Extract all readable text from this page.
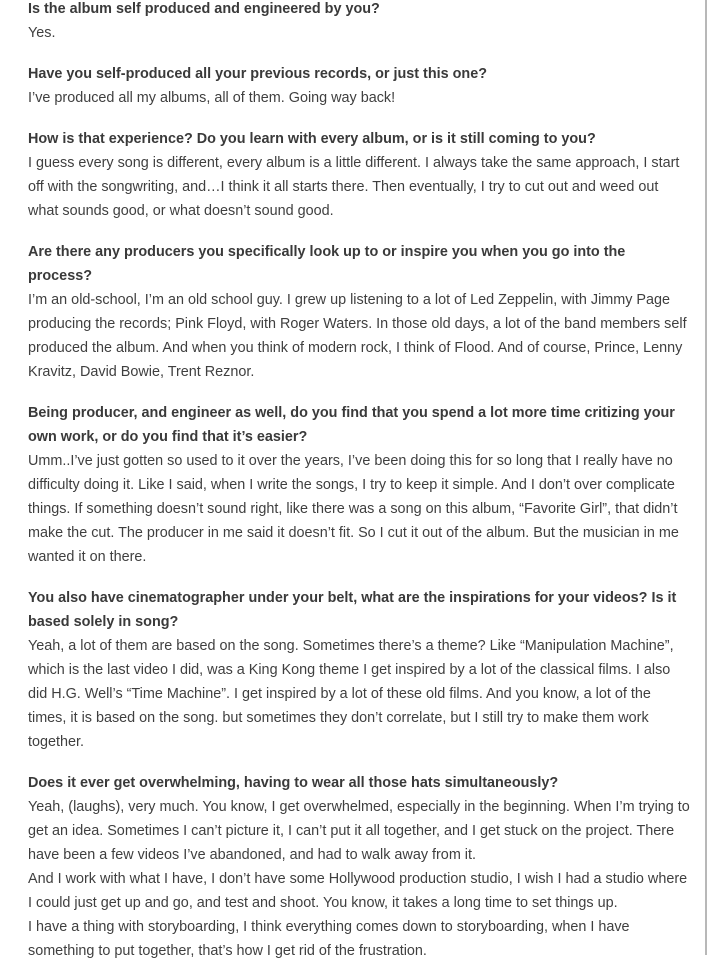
Is the album self produced and engineered by you?

Yes.

Have you self-produced all your previous records, or just this one?

I’ve produced all my albums, all of them. Going way back!

How is that experience? Do you learn with every album, or is it still coming to you?

I guess every song is different, every album is a little different. I always take the same approach, I start off with the songwriting, and…I think it all starts there. Then eventually, I try to cut out and weed out what sounds good, or what doesn’t sound good.

Are there any producers you specifically look up to or inspire you when you go into the process?

I’m an old-school, I’m an old school guy. I grew up listening to a lot of Led Zeppelin, with Jimmy Page producing the records; Pink Floyd, with Roger Waters. In those old days, a lot of the band members self produced the album. And when you think of modern rock, I think of Flood. And of course, Prince, Lenny Kravitz, David Bowie, Trent Reznor.

Being producer, and engineer as well, do you find that you spend a lot more time critizing your own work, or do you find that it’s easier?

Umm..I’ve just gotten so used to it over the years, I’ve been doing this for so long that I really have no difficulty doing it. Like I said, when I write the songs, I try to keep it simple. And I don’t over complicate things. If something doesn’t sound right, like there was a song on this album, “Favorite Girl”, that didn’t make the cut. The producer in me said it doesn’t fit. So I cut it out of the album. But the musician in me wanted it on there.

You also have cinematographer under your belt, what are the inspirations for your videos? Is it based solely in song?

Yeah, a lot of them are based on the song. Sometimes there’s a theme? Like “Manipulation Machine”, which is the last video I did, was a King Kong theme I get inspired by a lot of the classical films. I also did H.G. Well’s “Time Machine”. I get inspired by a lot of these old films. And you know, a lot of the times, it is based on the song. but sometimes they don’t correlate, but I still try to make them work together.

Does it ever get overwhelming, having to wear all those hats simultaneously?

Yeah, (laughs), very much. You know, I get overwhelmed, especially in the beginning. When I’m trying to get an idea. Sometimes I can’t picture it, I can’t put it all together, and I get stuck on the project. There have been a few videos I’ve abandoned, and had to walk away from it.

And I work with what I have, I don’t have some Hollywood production studio, I wish I had a studio where I could just get up and go, and test and shoot. You know, it takes a long time to set things up.

I have a thing with storyboarding, I think everything comes down to storyboarding, when I have something to put together, that’s how I get rid of the frustration.
